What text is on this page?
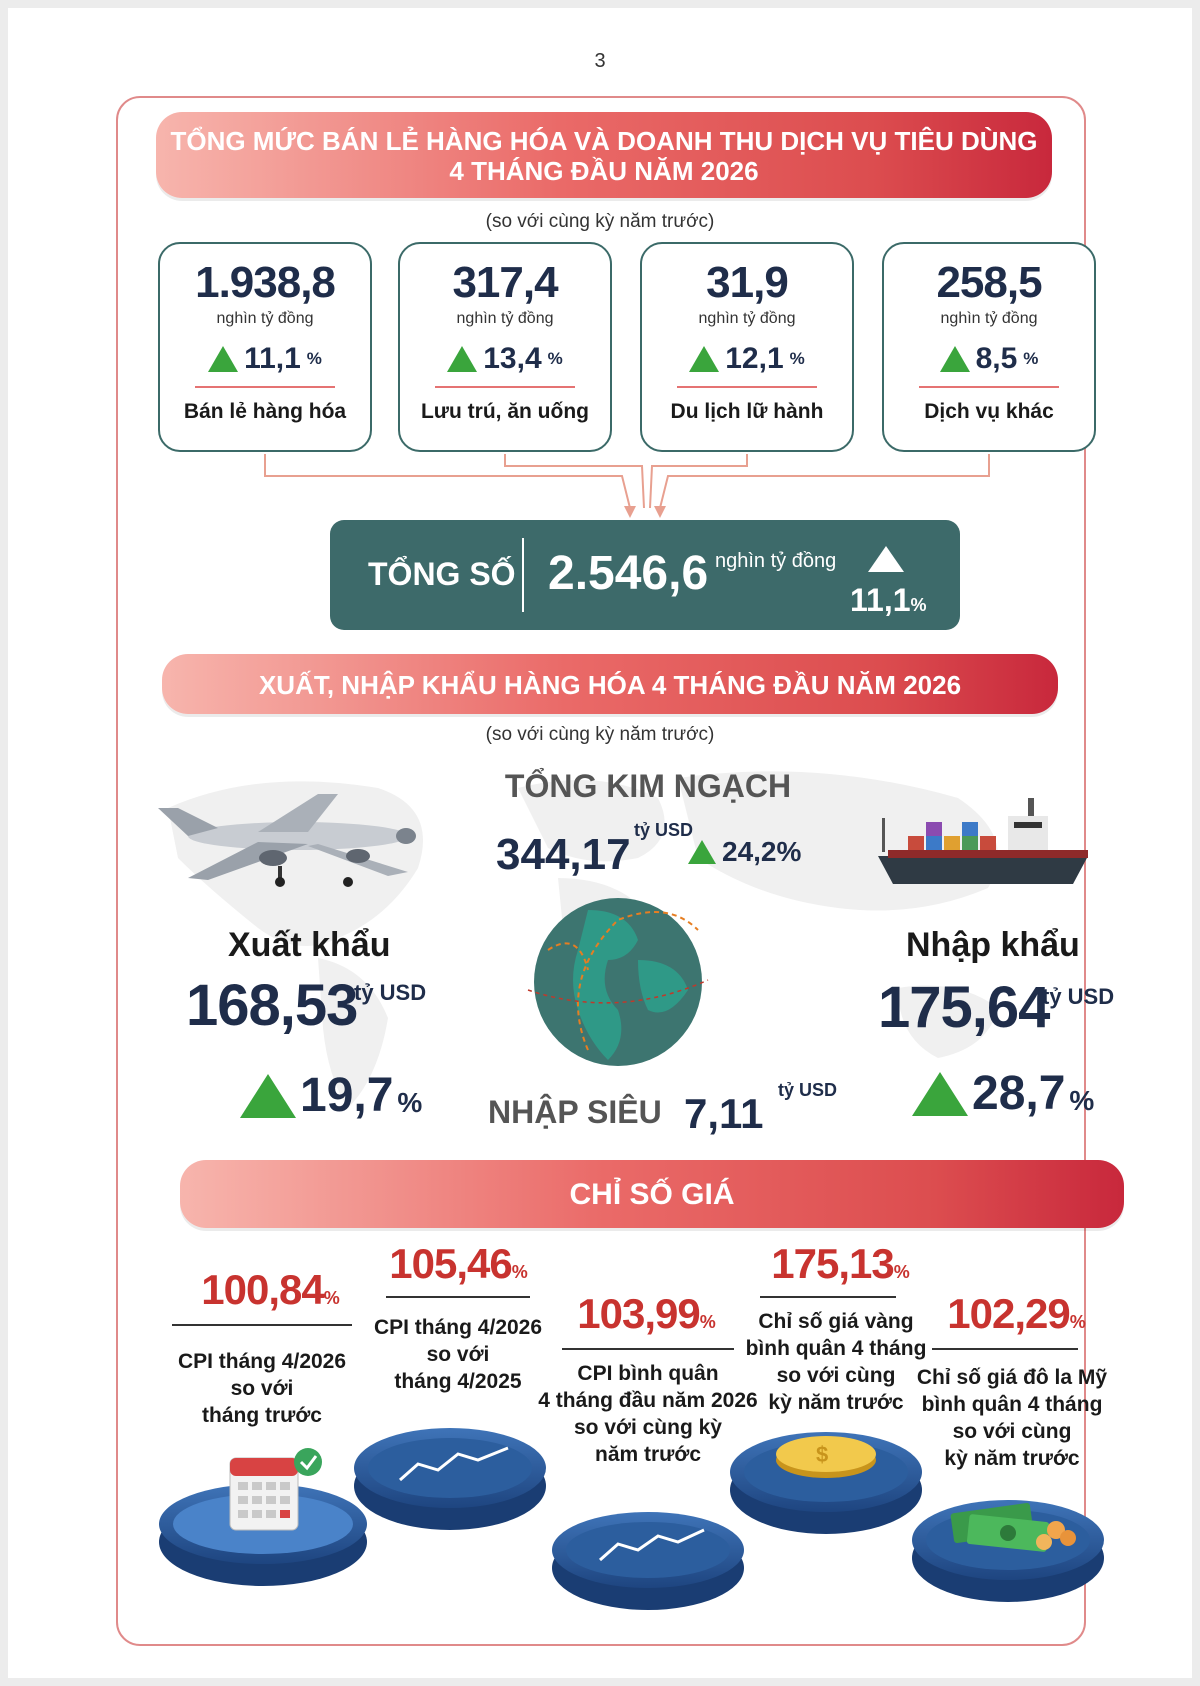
3
TỔNG MỨC BÁN LẺ HÀNG HÓA VÀ DOANH THU DỊCH VỤ TIÊU DÙNG
4 THÁNG ĐẦU NĂM 2026
(so với cùng kỳ năm trước)
1.938,8
nghìn tỷ đồng
11,1 %
Bán lẻ hàng hóa
317,4
nghìn tỷ đồng
13,4 %
Lưu trú, ăn uống
31,9
nghìn tỷ đồng
12,1 %
Du lịch lữ hành
258,5
nghìn tỷ đồng
8,5 %
Dịch vụ khác
TỔNG SỐ 2.546,6 nghìn tỷ đồng
11,1%
XUẤT, NHẬP KHẨU HÀNG HÓA 4 THÁNG ĐẦU NĂM 2026
(so với cùng kỳ năm trước)
TỔNG KIM NGẠCH
344,17 tỷ USD
24,2%
Xuất khẩu
168,53
tỷ USD
19,7 %
Nhập khẩu
175,64
tỷ USD
28,7 %
NHẬP SIÊU 7,11 tỷ USD
CHỈ SỐ GIÁ
100,84%
CPI tháng 4/2026
so với
tháng trước
105,46%
CPI tháng 4/2026
so với
tháng 4/2025
103,99%
CPI bình quân
4 tháng đầu năm 2026
so với cùng kỳ
năm trước
175,13%
Chỉ số giá vàng
bình quân 4 tháng
so với cùng
kỳ năm trước
102,29%
Chỉ số giá đô la Mỹ
bình quân 4 tháng
so với cùng
kỳ năm trước
$
